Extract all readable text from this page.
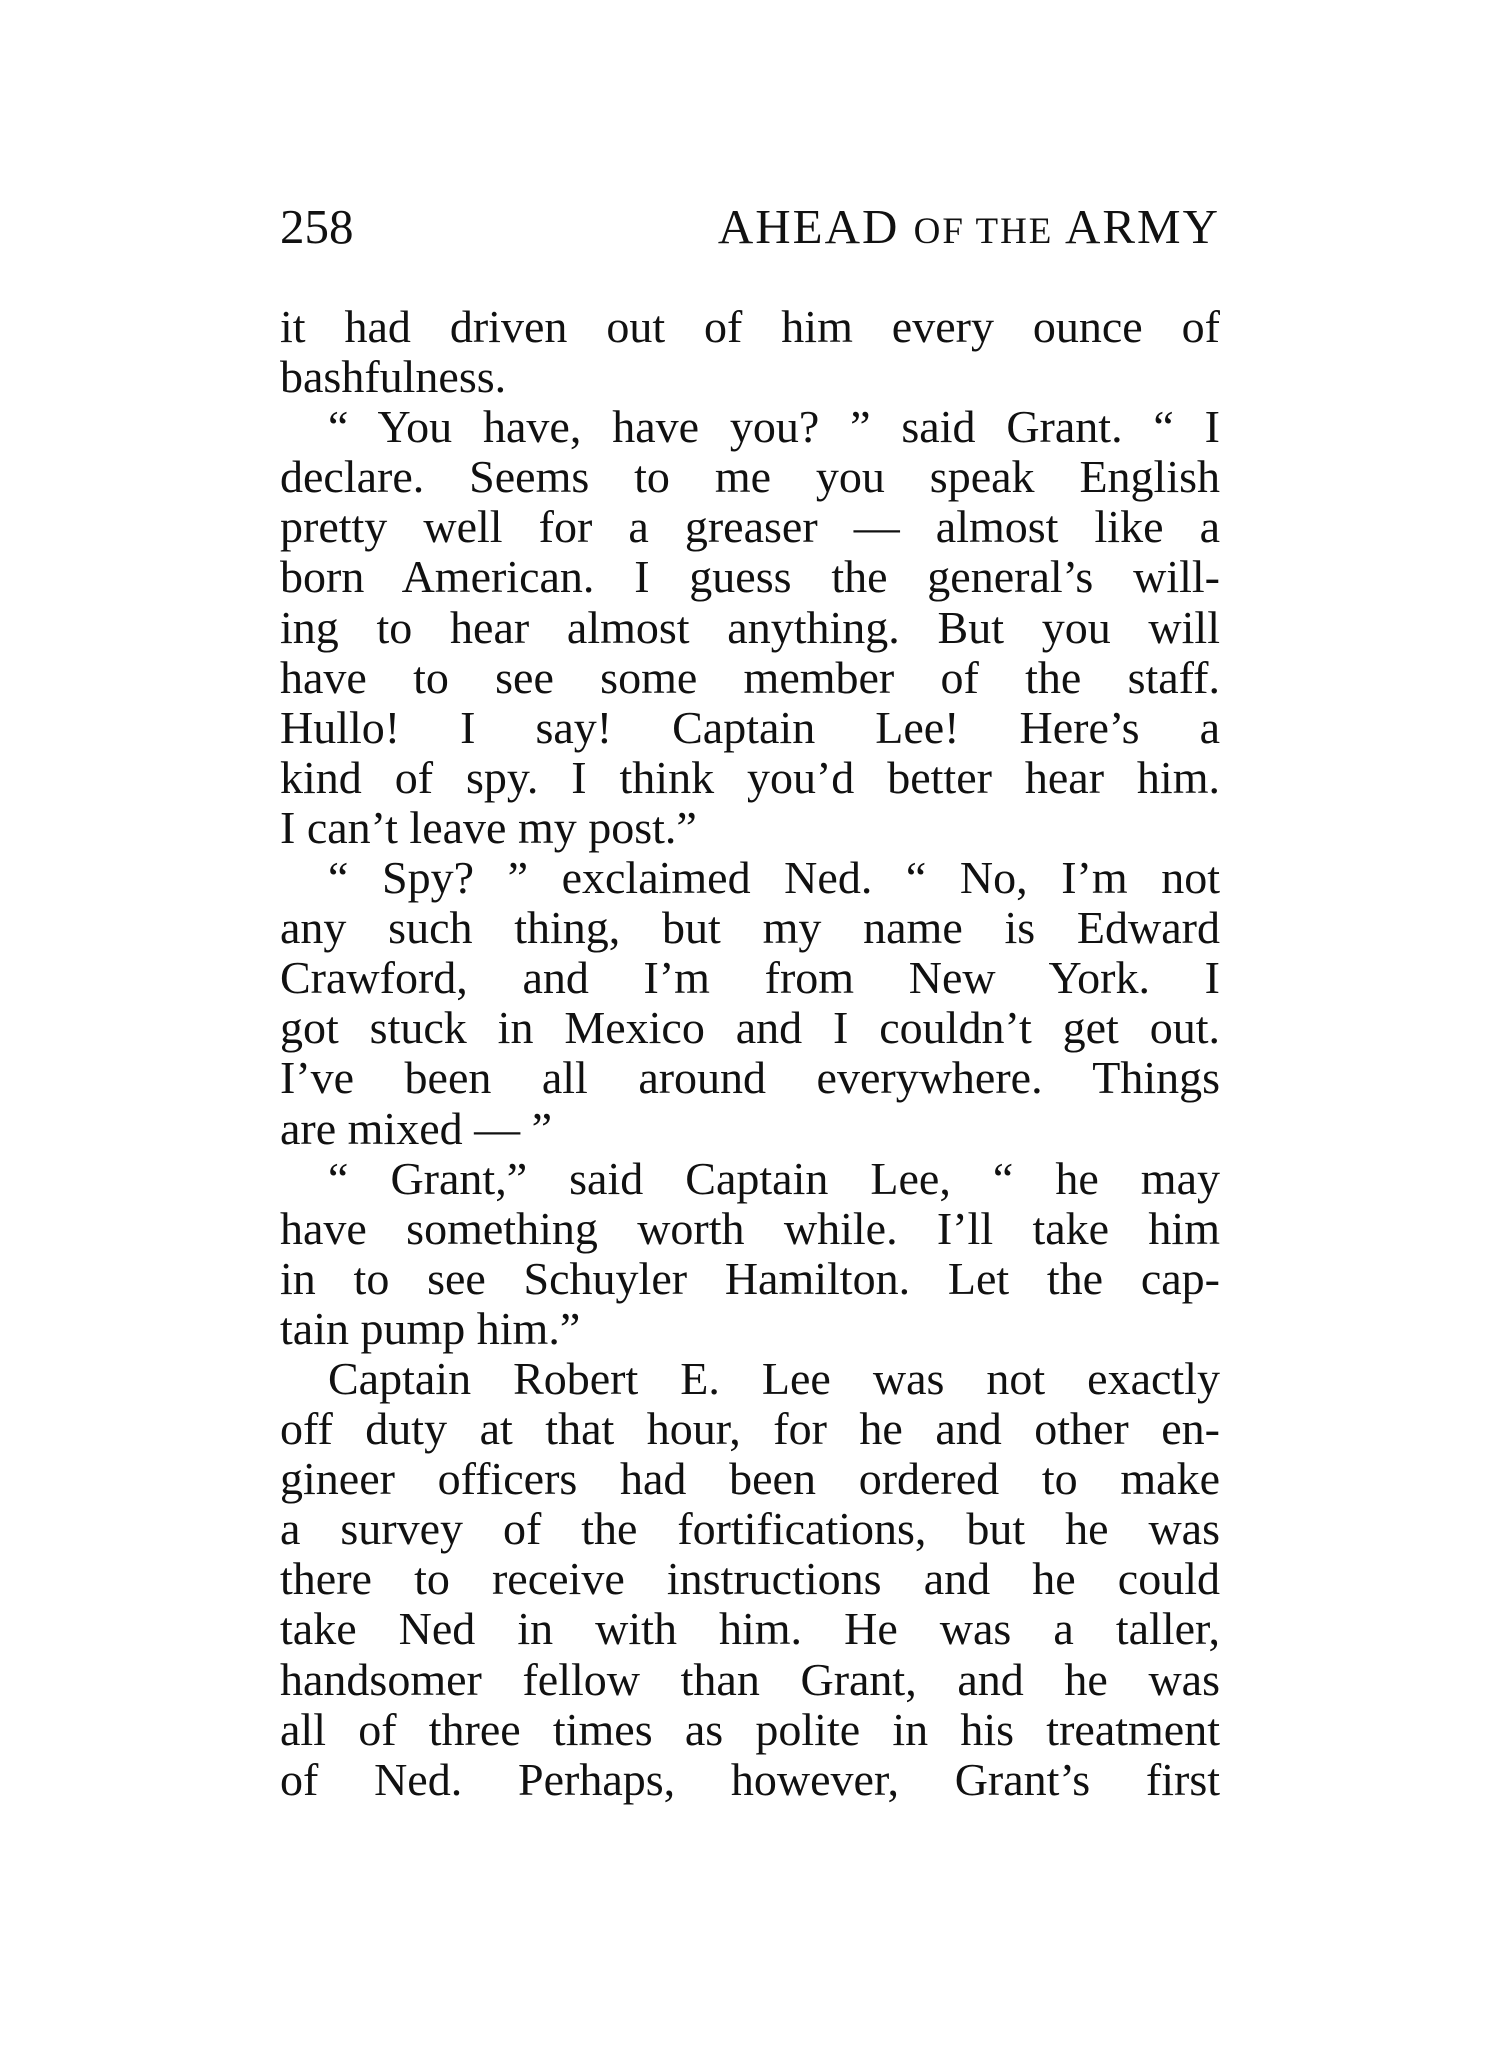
258	AHEAD OF THE ARMY
it had driven out of him every ounce of
bashfulness.
“ You have, have you? ” said Grant. “ I
declare. Seems to me you speak English
pretty well for a greaser — almost like a
born American. I guess the general’s will-
ing to hear almost anything. But you will
have to see some member of the staff.
Hullo! I say! Captain Lee! Here’s a
kind of spy. I think you’d better hear him.
I can’t leave my post.”
“ Spy? ” exclaimed Ned. “ No, I’m not
any such thing, but my name is Edward
Crawford, and I’m from New York. I
got stuck in Mexico and I couldn’t get out.
I’ve been all around everywhere. Things
are mixed — ”
“ Grant,” said Captain Lee, “ he may
have something worth while. I’ll take him
in to see Schuyler Hamilton. Let the cap-
tain pump him.”
Captain Robert E. Lee was not exactly
off duty at that hour, for he and other en-
gineer officers had been ordered to make
a survey of the fortifications, but he was
there to receive instructions and he could
take Ned in with him. He was a taller,
handsomer fellow than Grant, and he was
all of three times as polite in his treatment
of Ned. Perhaps, however, Grant’s first
